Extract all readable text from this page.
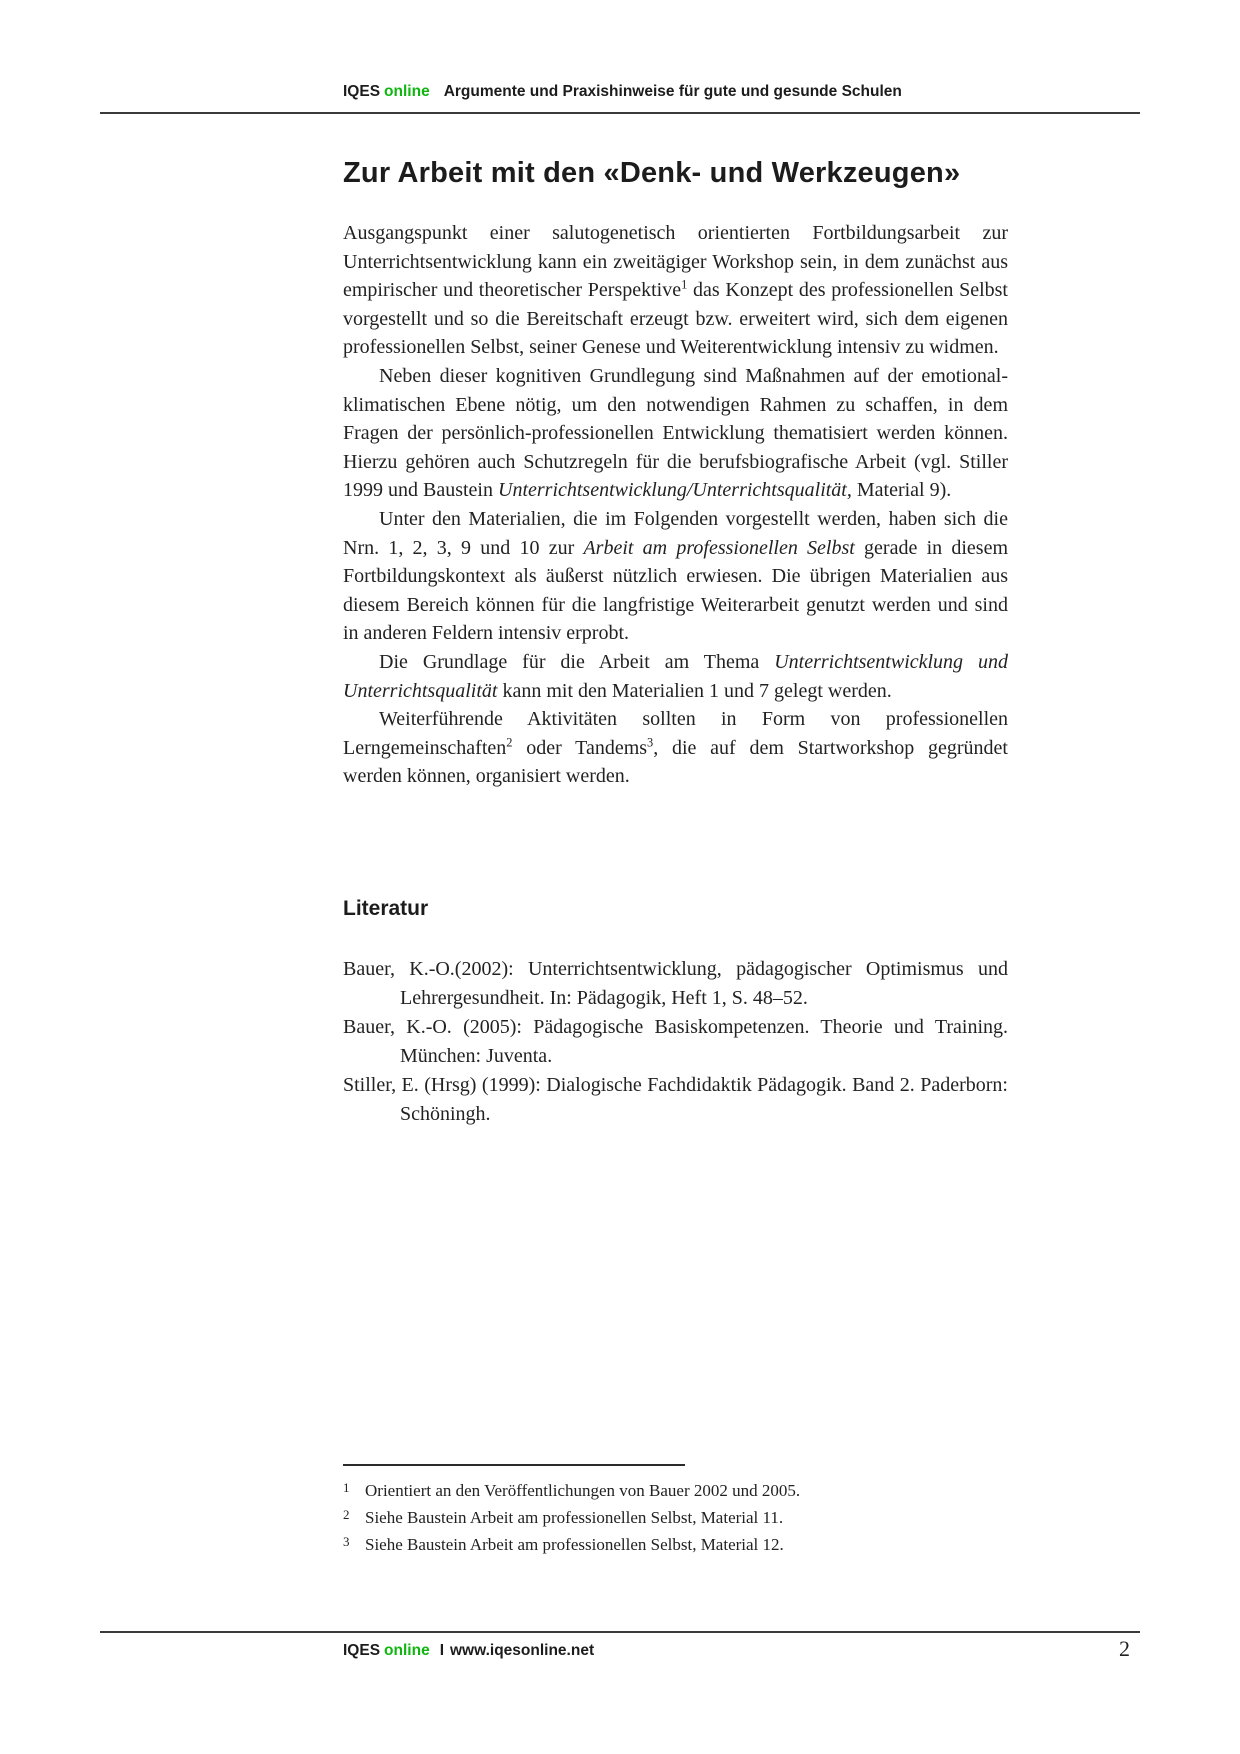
IQES online Argumente und Praxishinweise für gute und gesunde Schulen
Zur Arbeit mit den «Denk- und Werkzeugen»

Ausgangspunkt einer salutogenetisch orientierten Fortbildungsarbeit zur Unterrichtsentwicklung kann ein zweitägiger Workshop sein, in dem zunächst aus empirischer und theoretischer Perspektive$^1$ das Konzept des professionellen Selbst vorgestellt und so die Bereitschaft erzeugt bzw. erweitert wird, sich dem eigenen professionellen Selbst, seiner Genese und Weiterentwicklung intensiv zu widmen.

Neben dieser kognitiven Grundlegung sind Maßnahmen auf der emotional-klimatischen Ebene nötig, um den notwendigen Rahmen zu schaffen, in dem Fragen der persönlich-professionellen Entwicklung thematisiert werden können. Hierzu gehören auch Schutzregeln für die berufsbiografische Arbeit (vgl. Stiller 1999 und Baustein Unterrichtsentwicklung/Unterrichtsqualität, Material 9).

Unter den Materialien, die im Folgenden vorgestellt werden, haben sich die Nrn. 1, 2, 3, 9 und 10 zur Arbeit am professionellen Selbst gerade in diesem Fortbildungskontext als äußerst nützlich erwiesen. Die übrigen Materialien aus diesem Bereich können für die langfristige Weiterarbeit genutzt werden und sind in anderen Feldern intensiv erprobt.

Die Grundlage für die Arbeit am Thema Unterrichtsentwicklung und Unterrichtsqualität kann mit den Materialien 1 und 7 gelegt werden.

Weiterführende Aktivitäten sollten in Form von professionellen Lerngemeinschaften$^2$ oder Tandems$^3$, die auf dem Startworkshop gegründet werden können, organisiert werden.

Literatur
Bauer, K.-O.(2002): Unterrichtsentwicklung, pädagogischer Optimismus und Lehrergesundheit. In: Pädagogik, Heft 1, S. 48–52.
Bauer, K.-O. (2005): Pädagogische Basiskompetenzen. Theorie und Training. München: Juventa.
Stiller, E. (Hrsg) (1999): Dialogische Fachdidaktik Pädagogik. Band 2. Paderborn: Schöningh.
1 Orientiert an den Veröffentlichungen von Bauer 2002 und 2005.
2 Siehe Baustein Arbeit am professionellen Selbst, Material 11.
3 Siehe Baustein Arbeit am professionellen Selbst, Material 12.
IQES online I www.iqesonline.net	2
